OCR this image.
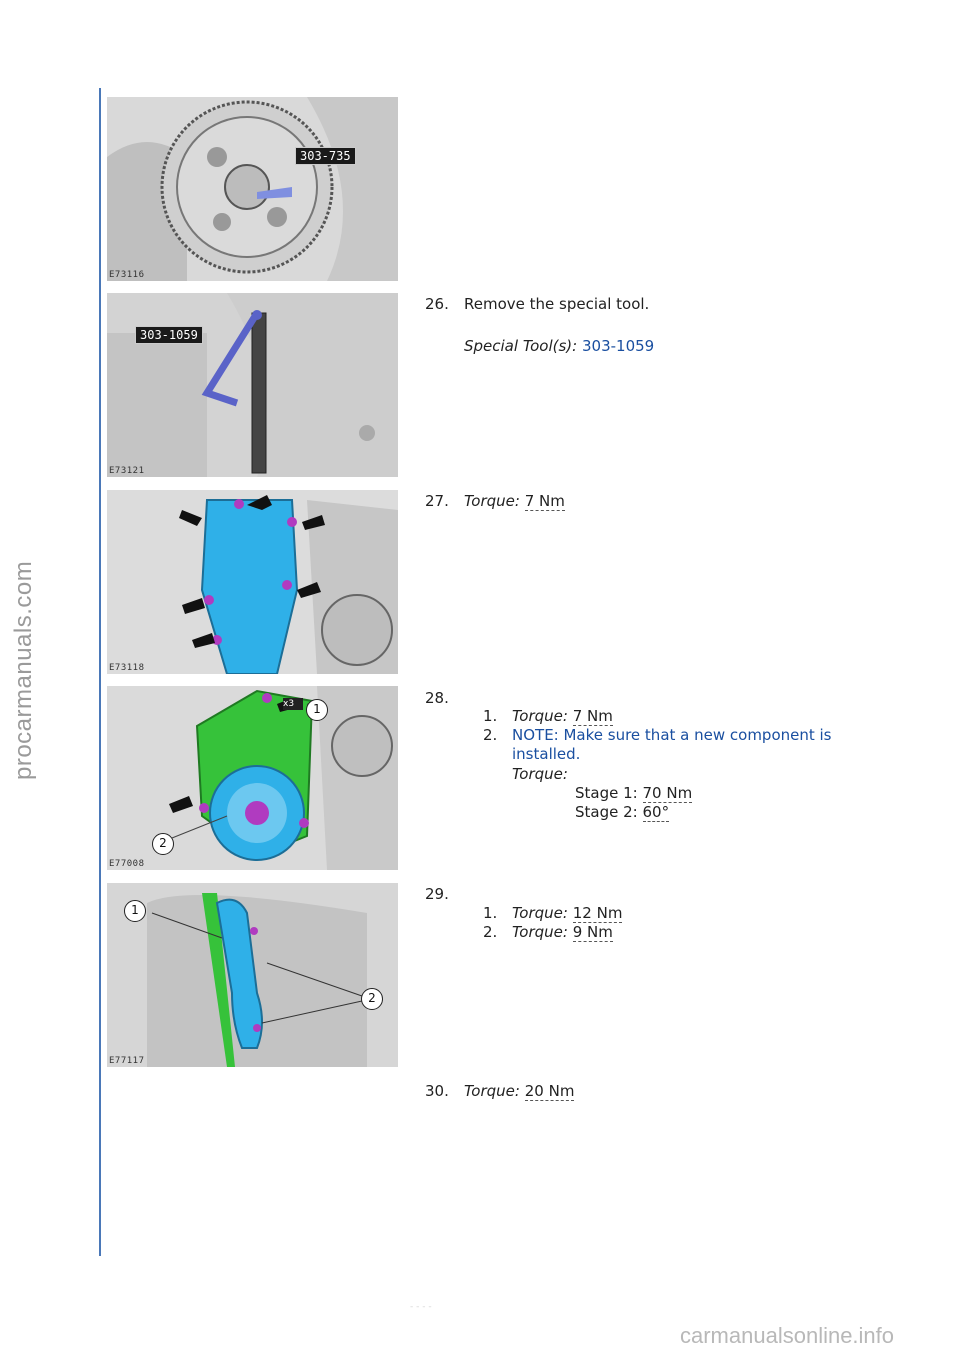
procarmanuals.com
303-735
E73116
303-1059
E73121
E73118
1
2
x3
E77008
1
2
E77117
26. Remove the special tool.
Special Tool(s): 303-1059
27. Torque: 7 Nm
28.
1. Torque: 7 Nm
2. NOTE: Make sure that a new component is
installed.
Torque:
Stage 1: 70 Nm
Stage 2: 60°
29.
1. Torque: 12 Nm
2. Torque: 9 Nm
30. Torque: 20 Nm
- - - -
carmanualsonline.info
